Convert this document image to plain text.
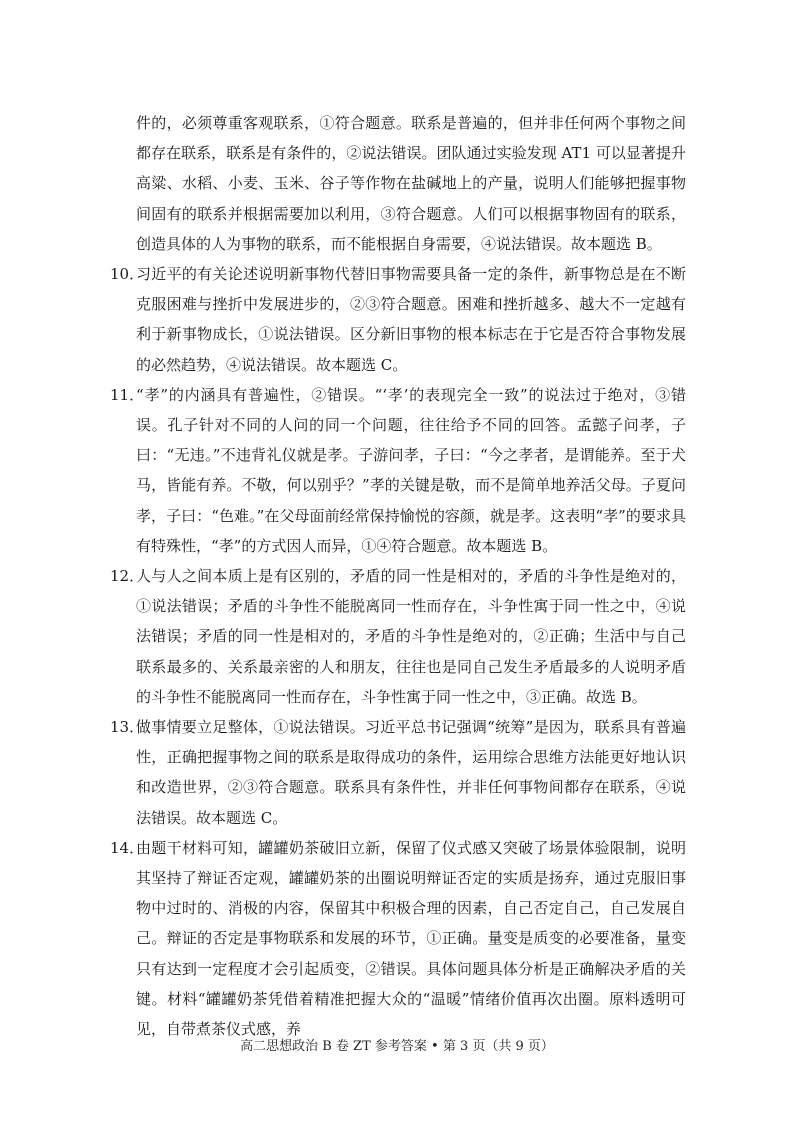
件的，必须尊重客观联系，①符合题意。联系是普遍的，但并非任何两个事物之间都存在联系，联系是有条件的，②说法错误。团队通过实验发现 AT1 可以显著提升高粱、水稻、小麦、玉米、谷子等作物在盐碱地上的产量，说明人们能够把握事物间固有的联系并根据需要加以利用，③符合题意。人们可以根据事物固有的联系，创造具体的人为事物的联系，而不能根据自身需要，④说法错误。故本题选 B。

10．

习近平的有关论述说明新事物代替旧事物需要具备一定的条件，新事物总是在不断克服困难与挫折中发展进步的，②③符合题意。困难和挫折越多、越大不一定越有利于新事物成长，①说法错误。区分新旧事物的根本标志在于它是否符合事物发展的必然趋势，④说法错误。故本题选 C。

11．

“孝”的内涵具有普遍性，②错误。“‘孝’的表现完全一致”的说法过于绝对，③错误。孔子针对不同的人问的同一个问题，往往给予不同的回答。孟懿子问孝，子曰：“无违。”不违背礼仪就是孝。子游问孝，子曰：“今之孝者，是谓能养。至于犬马，皆能有养。不敬，何以别乎？”孝的关键是敬，而不是简单地养活父母。子夏问孝，子曰：“色难。”在父母面前经常保持愉悦的容颜，就是孝。这表明“孝”的要求具有特殊性，“孝”的方式因人而异，①④符合题意。故本题选 B。

12．

人与人之间本质上是有区别的，矛盾的同一性是相对的，矛盾的斗争性是绝对的，①说法错误；矛盾的斗争性不能脱离同一性而存在，斗争性寓于同一性之中，④说法错误；矛盾的同一性是相对的，矛盾的斗争性是绝对的，②正确；生活中与自己联系最多的、关系最亲密的人和朋友，往往也是同自己发生矛盾最多的人说明矛盾的斗争性不能脱离同一性而存在，斗争性寓于同一性之中，③正确。故选 B。

13．

做事情要立足整体，①说法错误。习近平总书记强调“统筹”是因为，联系具有普遍性，正确把握事物之间的联系是取得成功的条件，运用综合思维方法能更好地认识和改造世界，②③符合题意。联系具有条件性，并非任何事物间都存在联系，④说法错误。故本题选 C。

14．

由题干材料可知，罐罐奶茶破旧立新，保留了仪式感又突破了场景体验限制，说明其坚持了辩证否定观，罐罐奶茶的出圈说明辩证否定的实质是扬弃，通过克服旧事物中过时的、消极的内容，保留其中积极合理的因素，自己否定自己，自己发展自己。辩证的否定是事物联系和发展的环节，①正确。量变是质变的必要准备，量变只有达到一定程度才会引起质变，②错误。具体问题具体分析是正确解决矛盾的关键。材料“罐罐奶茶凭借着精准把握大众的“温暖”情绪价值再次出圈。原料透明可见，自带煮茶仪式感，养

高二思想政治 B 卷 ZT 参考答案 • 第 3 页（共 9 页）
